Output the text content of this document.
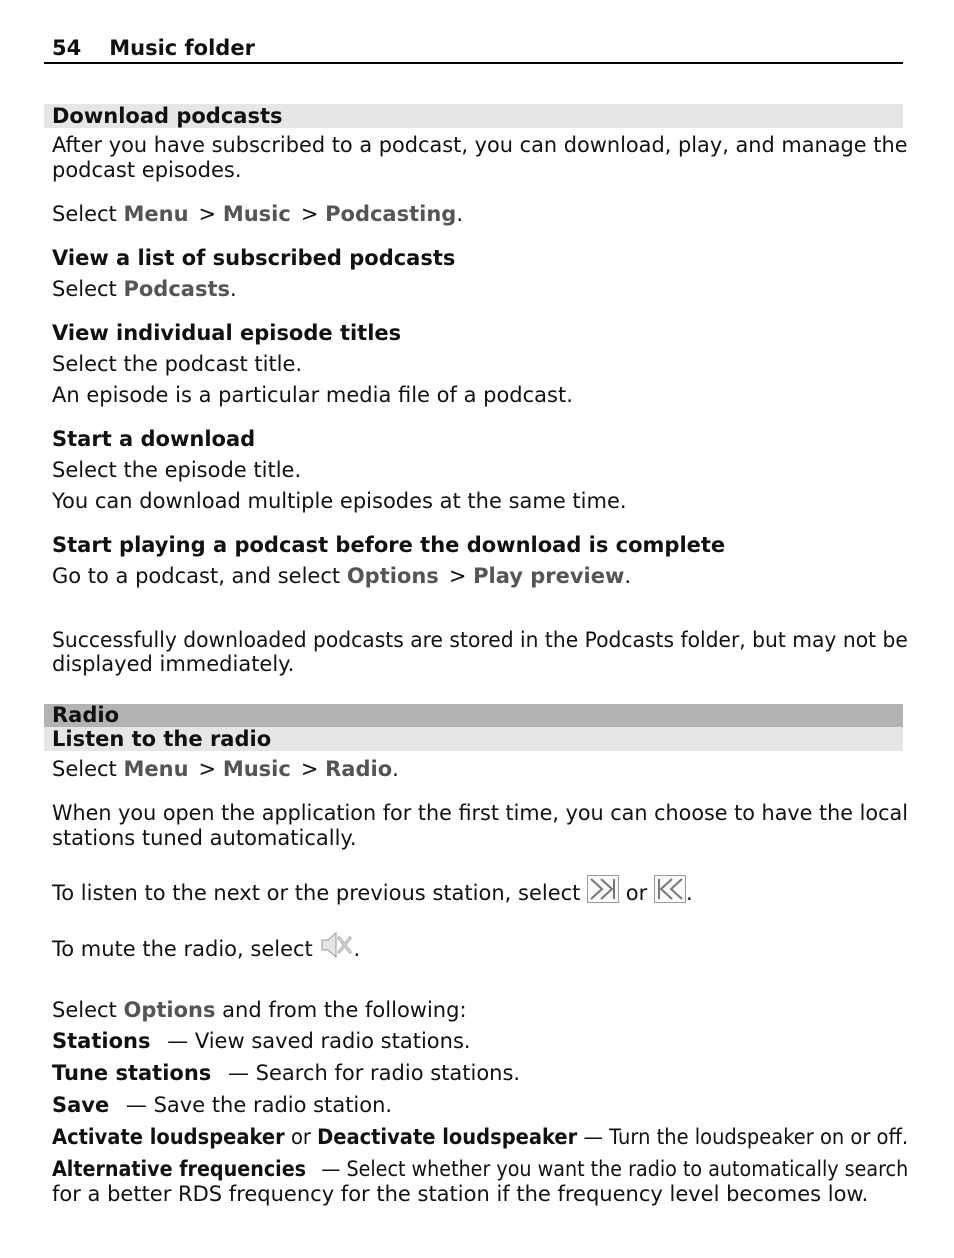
54 Music folder
Download podcasts
After you have subscribed to a podcast, you can download, play, and manage the
podcast episodes.
Select Menu > Music > Podcasting.
View a list of subscribed podcasts
Select Podcasts.
View individual episode titles
Select the podcast title.
An episode is a particular media file of a podcast.
Start a download
Select the episode title.
You can download multiple episodes at the same time.
Start playing a podcast before the download is complete
Go to a podcast, and select Options > Play preview.
Successfully downloaded podcasts are stored in the Podcasts folder, but may not be
displayed immediately.
Radio
Listen to the radio
Select Menu > Music > Radio.
When you open the application for the first time, you can choose to have the local
stations tuned automatically.
To listen to the next or the previous station, select or .
To mute the radio, select .
Select Options and from the following:
Stations — View saved radio stations.
Tune stations — Search for radio stations.
Save — Save the radio station.
Activate loudspeaker or Deactivate loudspeaker — Turn the loudspeaker on or off.
Alternative frequencies — Select whether you want the radio to automatically search
for a better RDS frequency for the station if the frequency level becomes low.
